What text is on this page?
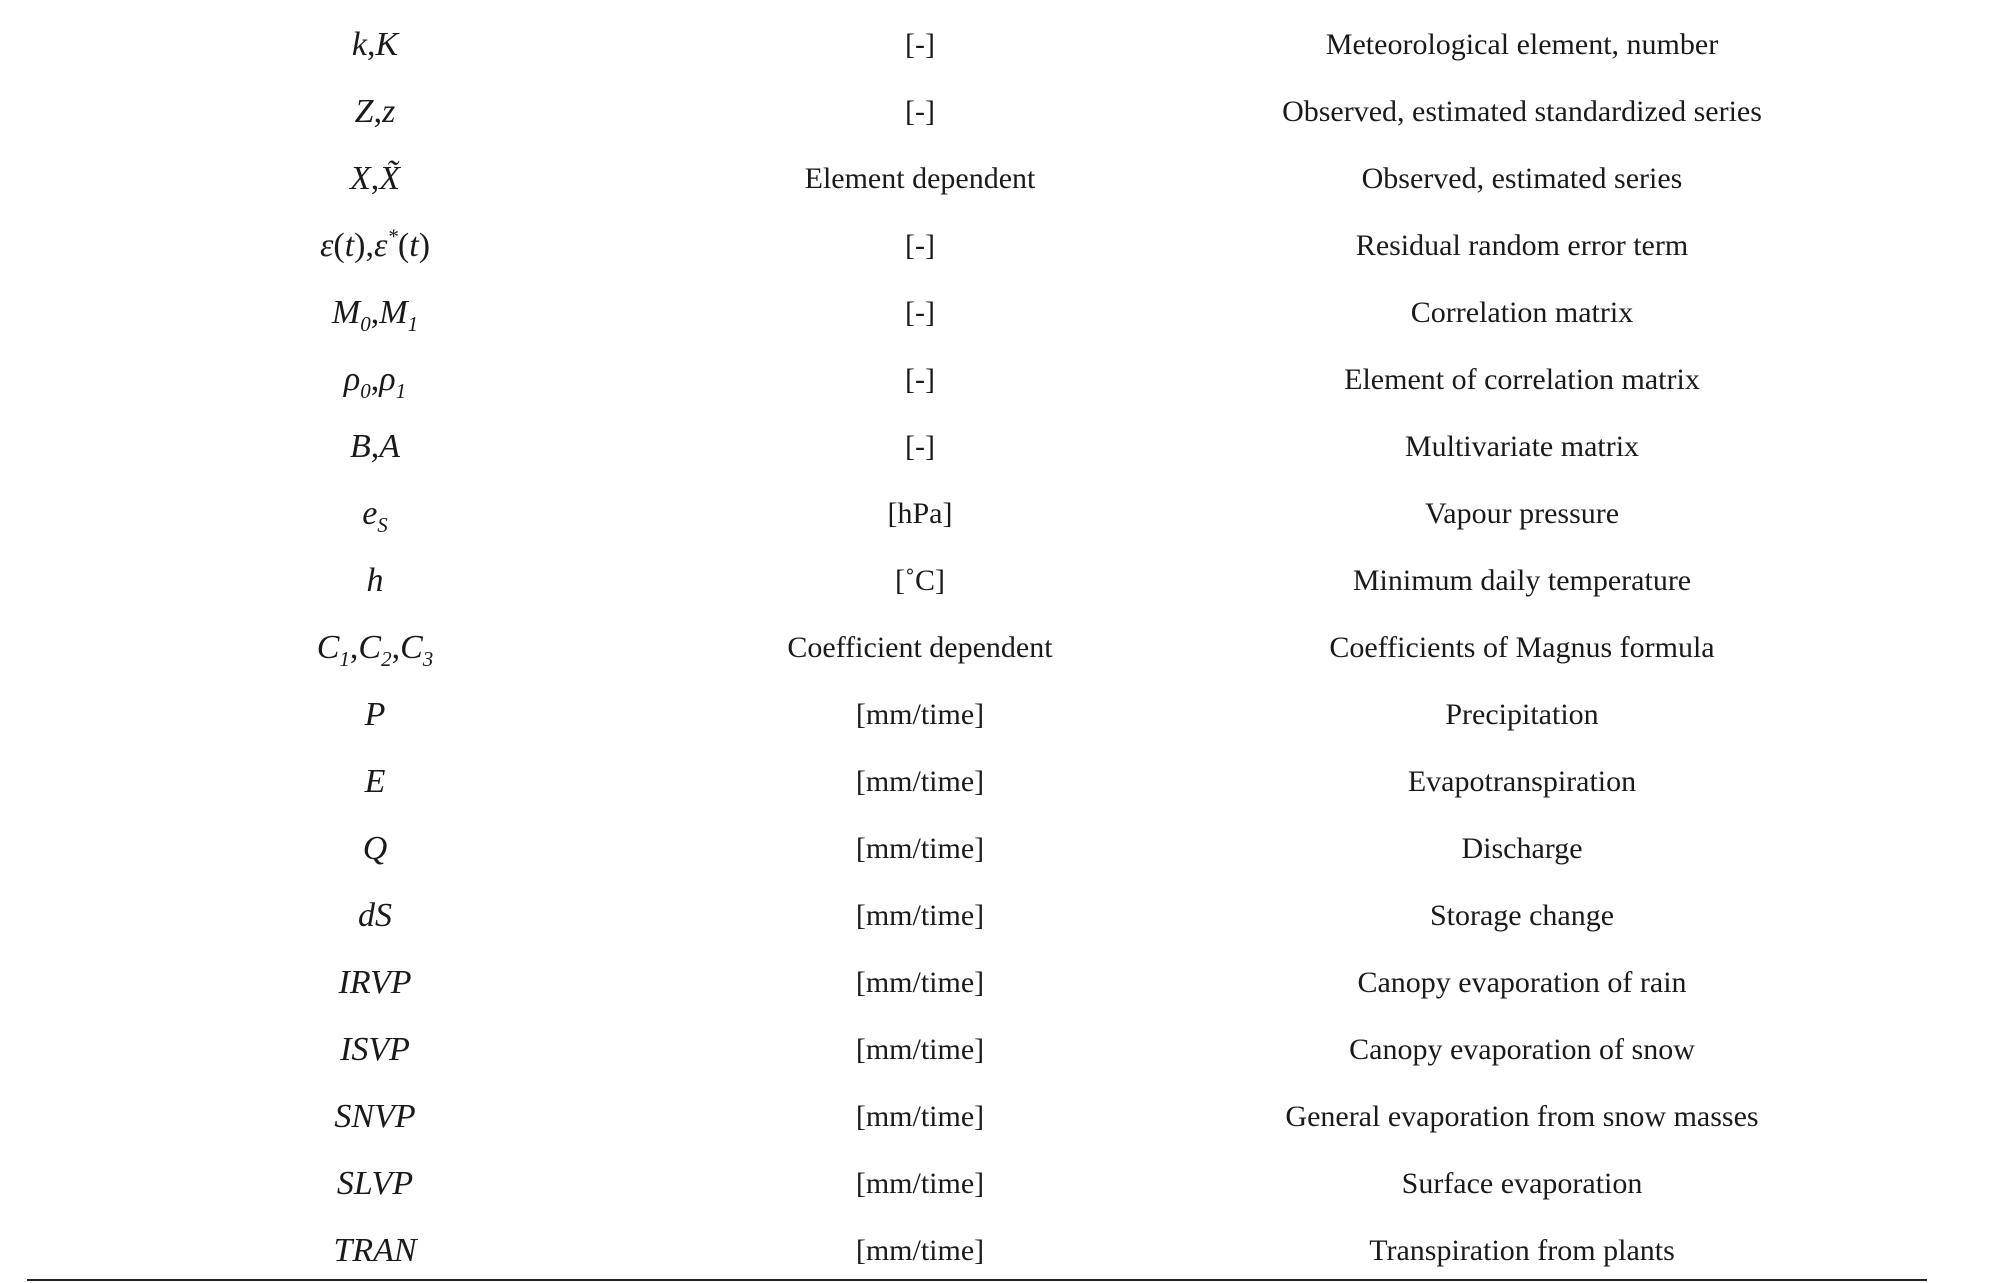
k,K	[-]	Meteorological element, number
Z,z	[-]	Observed, estimated standardized series
X,X̃	Element dependent	Observed, estimated series
ε(t),ε*(t)	[-]	Residual random error term
$M_0,M_1$	[-]	Correlation matrix
$\rho_0,\rho_1$	[-]	Element of correlation matrix
B,A	[-]	Multivariate matrix
$e_S$	[hPa]	Vapour pressure
h	[˚C]	Minimum daily temperature
$C_1,C_2,C_3$	Coefficient dependent	Coefficients of Magnus formula
P	[mm/time]	Precipitation
E	[mm/time]	Evapotranspiration
Q	[mm/time]	Discharge
dS	[mm/time]	Storage change
IRVP	[mm/time]	Canopy evaporation of rain
ISVP	[mm/time]	Canopy evaporation of snow
SNVP	[mm/time]	General evaporation from snow masses
SLVP	[mm/time]	Surface evaporation
TRAN	[mm/time]	Transpiration from plants
